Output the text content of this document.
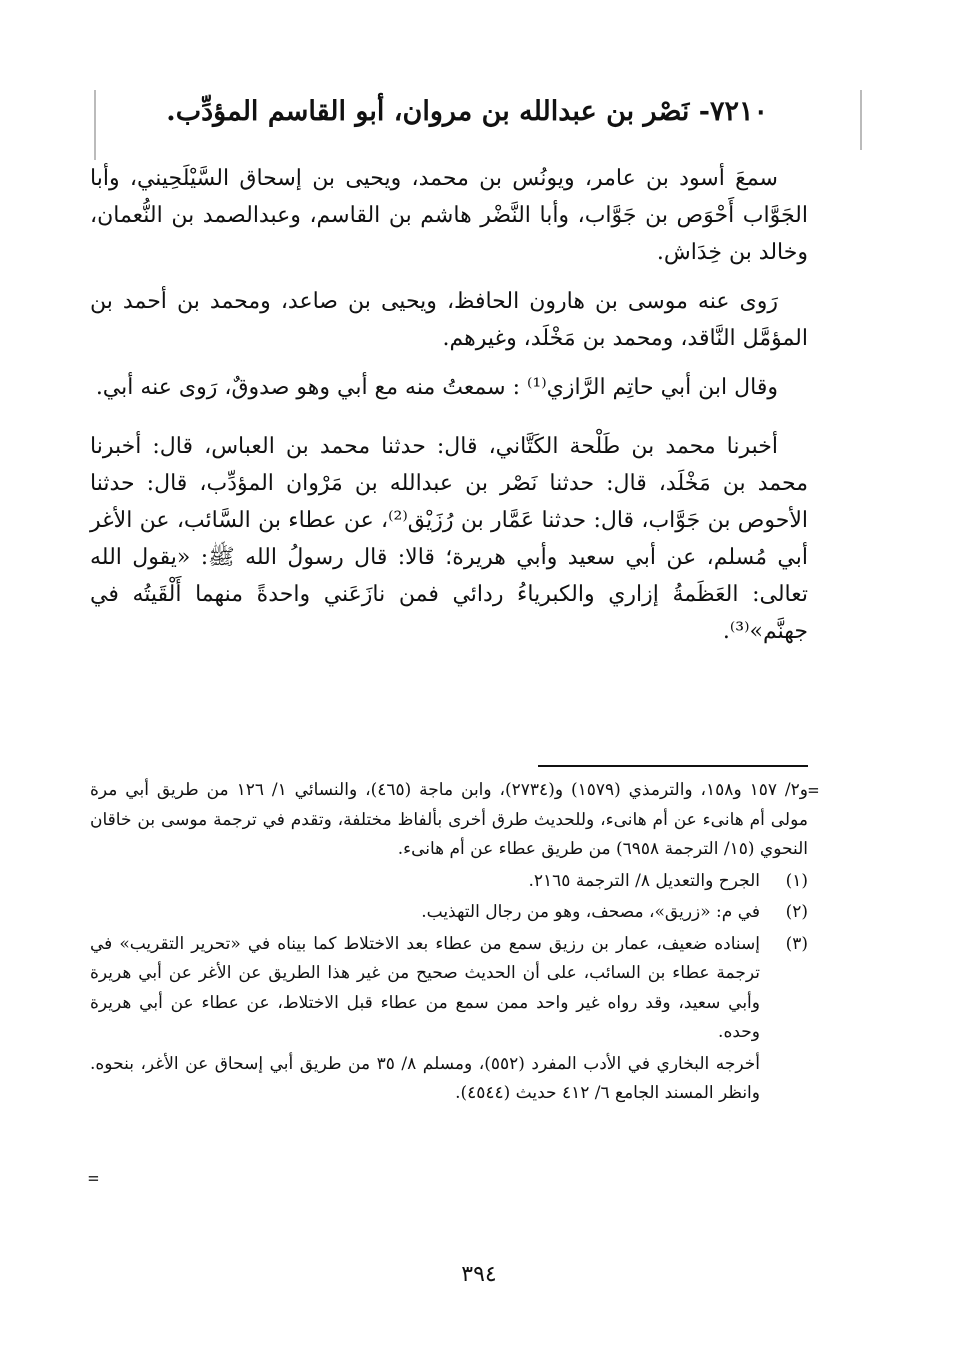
٧٢١٠- نَصْر بن عبدالله بن مروان، أبو القاسم المؤدِّب.

سمعَ أسود بن عامر، ويونُس بن محمد، ويحيى بن إسحاق السَّيْلَحِيني، وأبا الجَوَّاب أَحْوَص بن جَوَّاب، وأبا النَّضْر هاشم بن القاسم، وعبدالصمد بن النُّعمان، وخالد بن خِدَاش.

رَوى عنه موسى بن هارون الحافظ، ويحيى بن صاعد، ومحمد بن أحمد بن المؤمَّل النَّاقد، ومحمد بن مَخْلَد، وغيرهم.

وقال ابن أبي حاتِم الرَّازي⁽¹⁾ : سمعتُ منه مع أبي وهو صدوقٌ، رَوى عنه أبي.

أخبرنا محمد بن طَلْحة الكَتَّاني، قال: حدثنا محمد بن العباس، قال: أخبرنا محمد بن مَخْلَد، قال: حدثنا نَصْر بن عبدالله بن مَرْوان المؤدِّب، قال: حدثنا الأحوص بن جَوَّاب، قال: حدثنا عَمَّار بن رُزَيْق⁽²⁾، عن عطاء بن السَّائب، عن الأغر أبي مُسلم، عن أبي سعيد وأبي هريرة؛ قالا: قال رسولُ الله ﷺ: «يقول الله تعالى: العَظَمةُ إزاري والكبرياءُ ردائي فمن نازَعَني واحدةً منهما أَلْقَيتُه في جهنَّم»⁽³⁾.

=
و٢/ ١٥٧ و١٥٨، والترمذي (١٥٧٩) و(٢٧٣٤)، وابن ماجة (٤٦٥)، والنسائي ١/ ١٢٦ من طريق أبي مرة مولى أم هانىء عن أم هانىء، وللحديث طرق أخرى بألفاظ مختلفة، وتقدم في ترجمة موسى بن خاقان النحوي (١٥/ الترجمة ٦٩٥٨) من طريق عطاء عن أم هانىء.
(١)
الجرح والتعديل ٨/ الترجمة ٢١٦٥.
(٢)
في م: «زريق»، مصحف، وهو من رجال التهذيب.
(٣)
إسناده ضعيف، عمار بن رزيق سمع من عطاء بعد الاختلاط كما بيناه في «تحرير التقريب» في ترجمة عطاء بن السائب، على أن الحديث صحيح من غير هذا الطريق عن الأغر عن أبي هريرة وأبي سعيد، وقد رواه غير واحد ممن سمع من عطاء قبل الاختلاط، عن عطاء عن أبي هريرة وحده.
أخرجه البخاري في الأدب المفرد (٥٥٢)، ومسلم ٨/ ٣٥ من طريق أبي إسحاق عن الأغر، بنحوه. وانظر المسند الجامع ٦/ ٤١٢ حديث (٤٥٤٤).
=
٣٩٤
